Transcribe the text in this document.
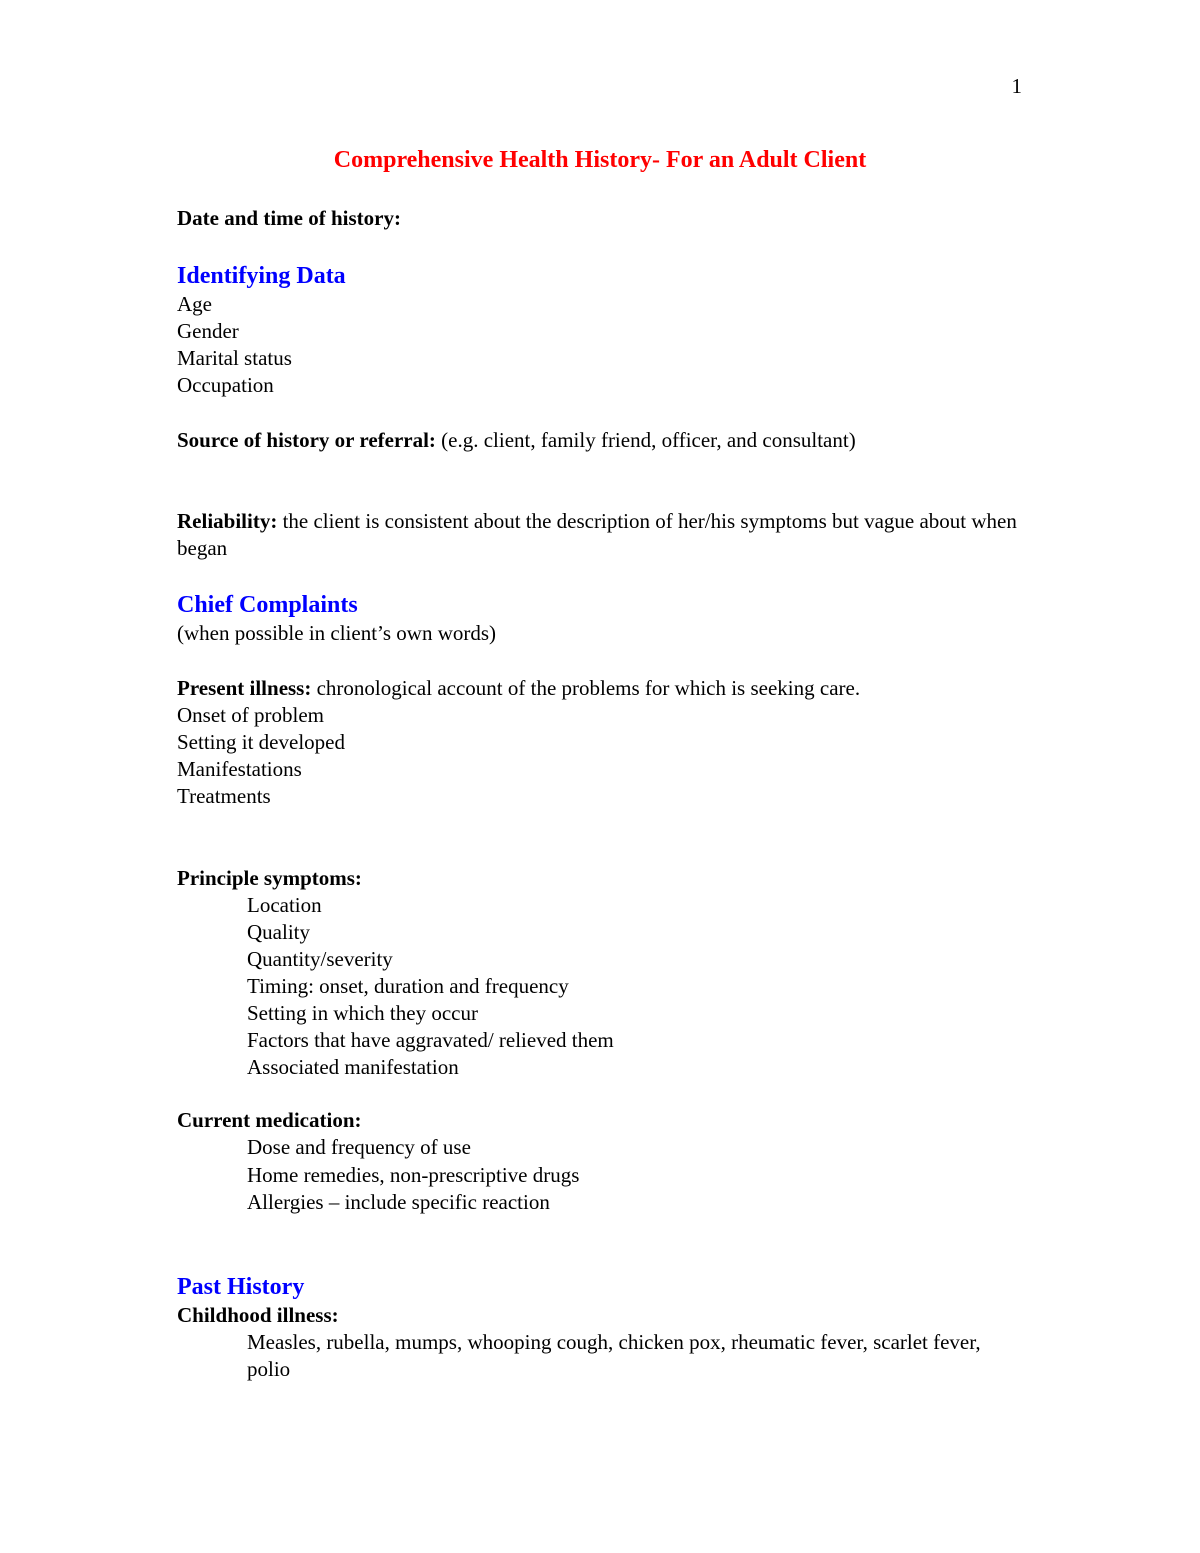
1
Comprehensive Health History- For an Adult Client
Date and time of history:
Identifying Data
Age
Gender
Marital status
Occupation
Source of history or referral: (e.g. client, family friend, officer, and consultant)
Reliability: the client is consistent about the description of her/his symptoms but vague about when began
Chief Complaints
(when possible in client’s own words)
Present illness: chronological account of the problems for which is seeking care.
Onset of problem
Setting it developed
Manifestations
Treatments
Principle symptoms:
Location
Quality
Quantity/severity
Timing: onset, duration and frequency
Setting in which they occur
Factors that have aggravated/ relieved them
Associated manifestation
Current medication:
Dose and frequency of use
Home remedies, non-prescriptive drugs
Allergies – include specific reaction
Past History
Childhood illness:
Measles, rubella, mumps, whooping cough, chicken pox, rheumatic fever, scarlet fever, polio
